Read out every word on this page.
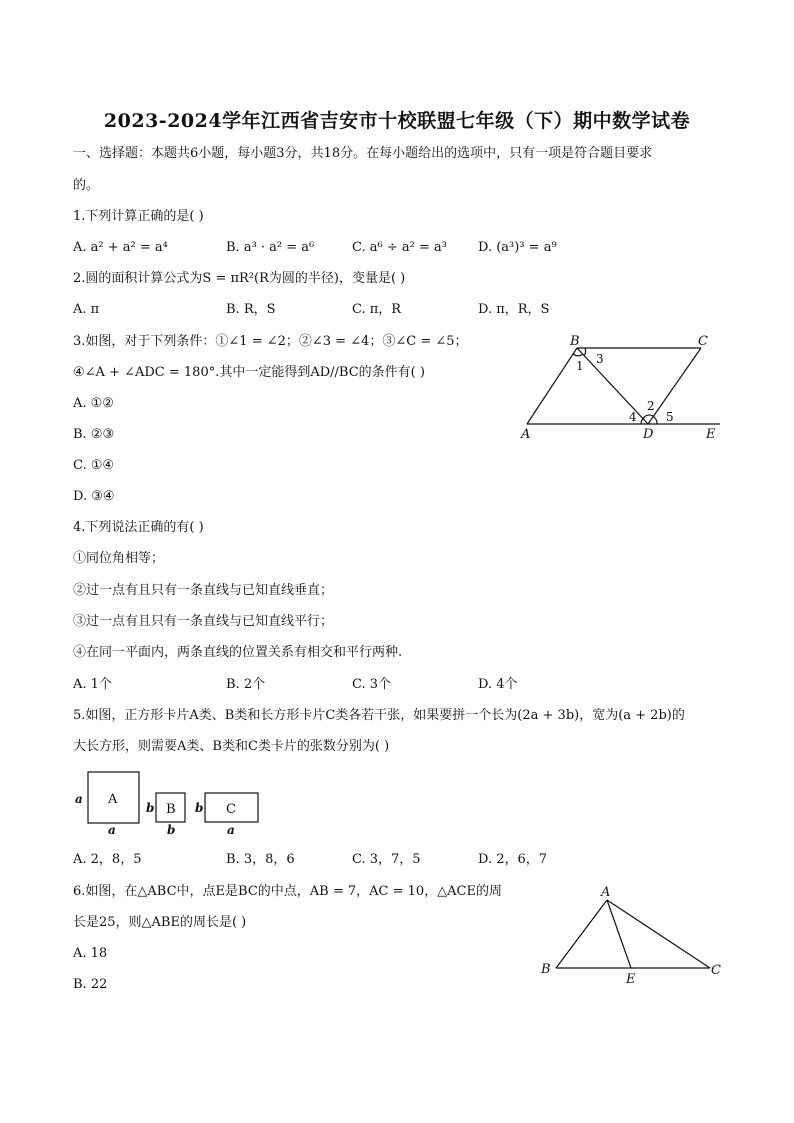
2023-2024学年江西省吉安市十校联盟七年级（下）期中数学试卷
一、选择题：本题共6小题，每小题3分，共18分。在每小题给出的选项中，只有一项是符合题目要求
的。
1.下列计算正确的是( )
A. a² + a² = a⁴	B. a³ · a² = a⁶	C. a⁶ ÷ a² = a³ D. (a³)³ = a⁹
2.圆的面积计算公式为S = πR²(R为圆的半径)，变量是( )
A. π	B. R，S	C. π，R	D. π，R，S
3.如图，对于下列条件：①∠1 = ∠2；②∠3 = ∠4；③∠C = ∠5；
④∠A + ∠ADC = 180°.其中一定能得到AD//BC的条件有( )
A. ①②
B. ②③
C. ①④
D. ③④
B	C
A	D	E
1
2
3
4 5
4.下列说法正确的有( )
①同位角相等；
②过一点有且只有一条直线与已知直线垂直；
③过一点有且只有一条直线与已知直线平行；
④在同一平面内，两条直线的位置关系有相交和平行两种.
A. 1个	B. 2个	C. 3个	D. 4个
5.如图，正方形卡片A类、B类和长方形卡片C类各若干张，如果要拼一个长为(2a + 3b)，宽为(a + 2b)的
大长方形，则需要A类、B类和C类卡片的张数分别为( )
A
B	C
a
a
b
b
b
a
A. 2，8，5	B. 3，8，6	C. 3，7，5	D. 2，6，7
6.如图，在△ABC中，点E是BC的中点，AB = 7，AC = 10，△ACE的周
长是25，则△ABE的周长是( )
A. 18
B. 22
A
B
E
C
